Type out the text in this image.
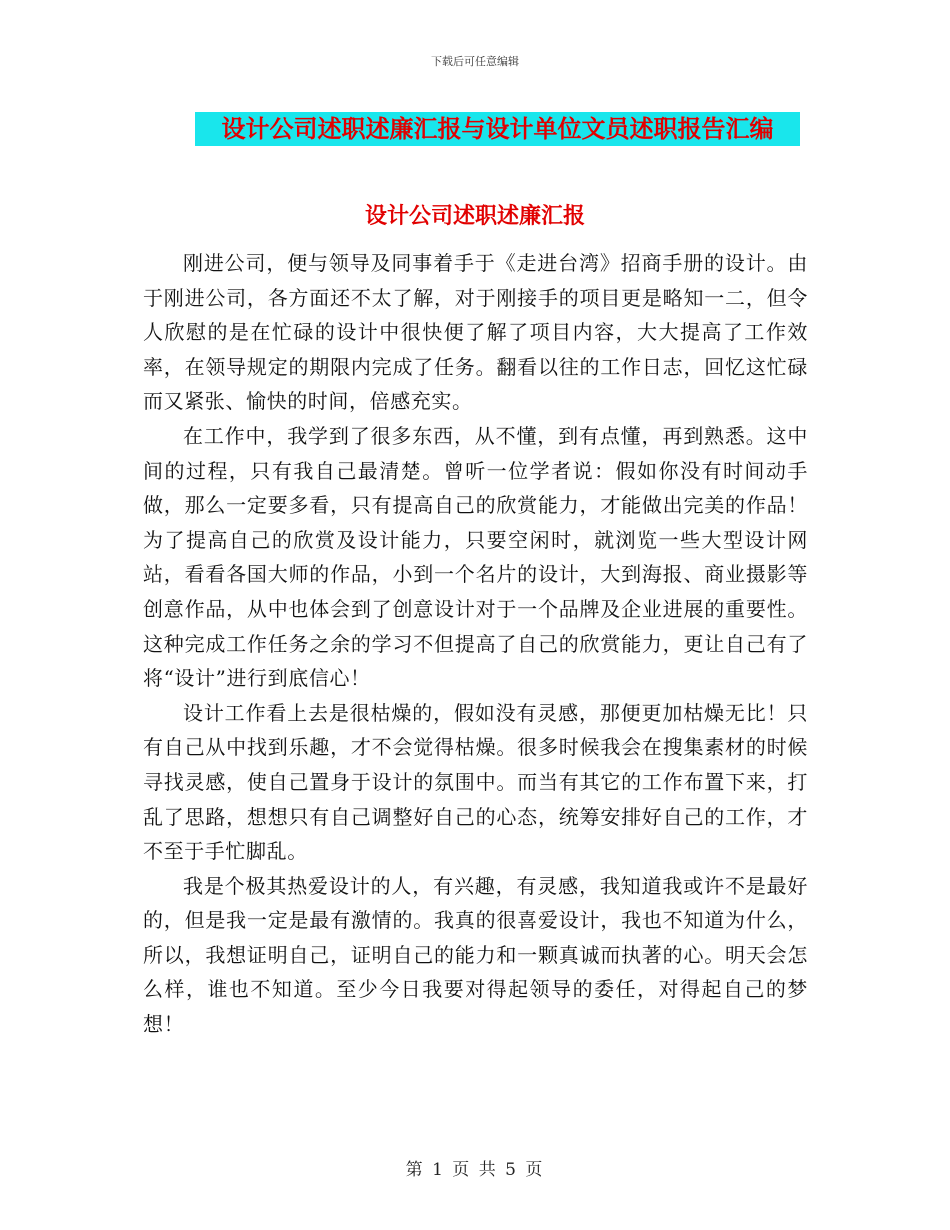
下载后可任意编辑
设计公司述职述廉汇报与设计单位文员述职报告汇编
设计公司述职述廉汇报

刚进公司，便与领导及同事着手于《走进台湾》招商手册的设计。由于刚进公司，各方面还不太了解，对于刚接手的项目更是略知一二，但令人欣慰的是在忙碌的设计中很快便了解了项目内容，大大提高了工作效率，在领导规定的期限内完成了任务。翻看以往的工作日志，回忆这忙碌而又紧张、愉快的时间，倍感充实。

在工作中，我学到了很多东西，从不懂，到有点懂，再到熟悉。这中间的过程，只有我自己最清楚。曾听一位学者说：假如你没有时间动手做，那么一定要多看，只有提高自己的欣赏能力，才能做出完美的作品！为了提高自己的欣赏及设计能力，只要空闲时，就浏览一些大型设计网站，看看各国大师的作品，小到一个名片的设计，大到海报、商业摄影等创意作品，从中也体会到了创意设计对于一个品牌及企业进展的重要性。这种完成工作任务之余的学习不但提高了自己的欣赏能力，更让自己有了将“设计”进行到底信心！

设计工作看上去是很枯燥的，假如没有灵感，那便更加枯燥无比！只有自己从中找到乐趣，才不会觉得枯燥。很多时候我会在搜集素材的时候寻找灵感，使自己置身于设计的氛围中。而当有其它的工作布置下来，打乱了思路，想想只有自己调整好自己的心态，统筹安排好自己的工作，才不至于手忙脚乱。

我是个极其热爱设计的人，有兴趣，有灵感，我知道我或许不是最好的，但是我一定是最有激情的。我真的很喜爱设计，我也不知道为什么，所以，我想证明自己，证明自己的能力和一颗真诚而执著的心。明天会怎么样，谁也不知道。至少今日我要对得起领导的委任，对得起自己的梦想！

第 1 页 共 5 页
